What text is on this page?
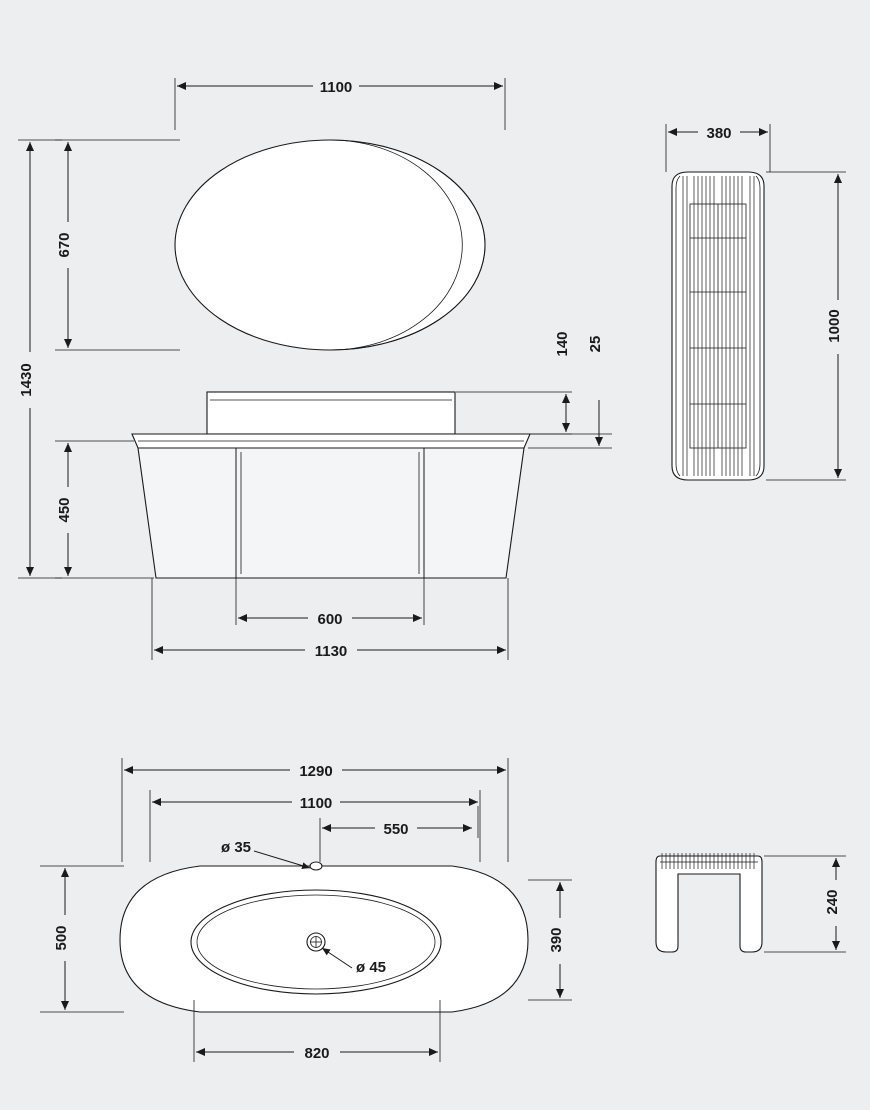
1100
670
1430
450
600
1130
140 25
380
1000
1290
1100
550
ø 35
ø 45
500	390
820
240
